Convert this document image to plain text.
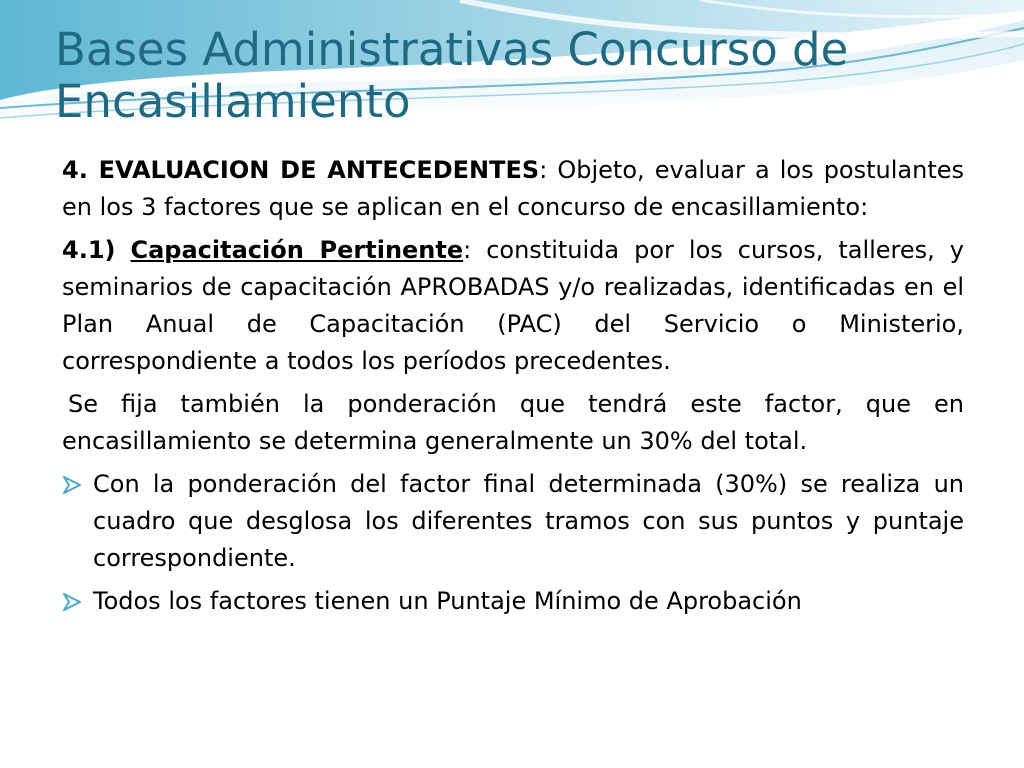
Bases Administrativas Concurso de Encasillamiento

4. EVALUACION DE ANTECEDENTES: Objeto, evaluar a los postulantes en los 3 factores que se aplican en el concurso de encasillamiento:

4.1) Capacitación Pertinente: constituida por los cursos, talleres, y seminarios de capacitación APROBADAS y/o realizadas, identificadas en el Plan Anual de Capacitación (PAC) del Servicio o Ministerio, correspondiente a todos los períodos precedentes.

Se fija también la ponderación que tendrá este factor, que en encasillamiento se determina generalmente un 30% del total.

Con la ponderación del factor final determinada (30%) se realiza un cuadro que desglosa los diferentes tramos con sus puntos y puntaje correspondiente.
Todos los factores tienen un Puntaje Mínimo de Aprobación
